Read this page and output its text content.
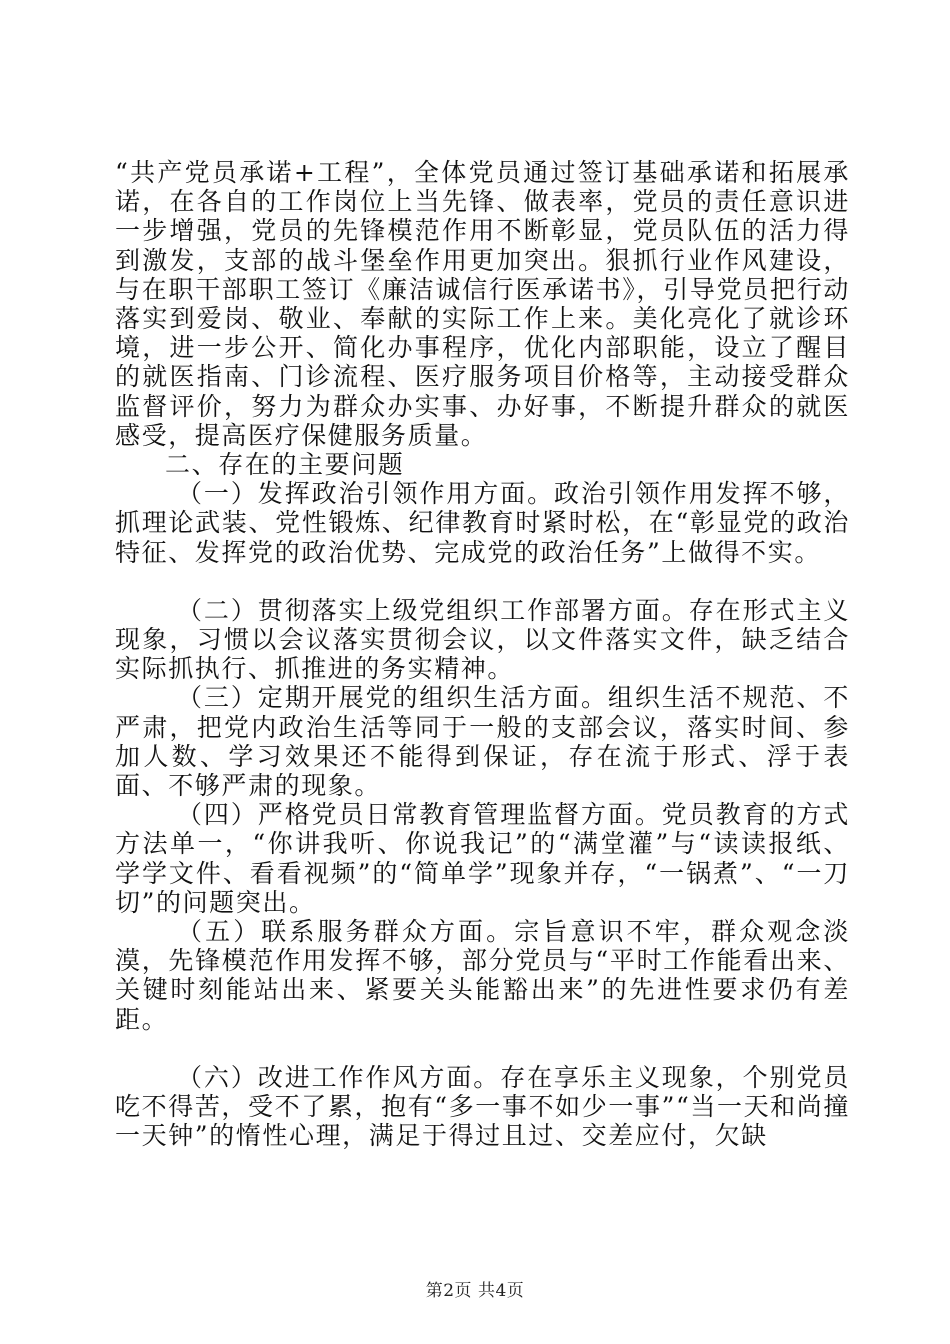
“共产党员承诺+工程”，全体党员通过签订基础承诺和拓展承诺，在各自的工作岗位上当先锋、做表率，党员的责任意识进一步增强，党员的先锋模范作用不断彰显，党员队伍的活力得到激发，支部的战斗堡垒作用更加突出。狠抓行业作风建设，与在职干部职工签订《廉洁诚信行医承诺书》，引导党员把行动落实到爱岗、敬业、奉献的实际工作上来。美化亮化了就诊环境，进一步公开、简化办事程序，优化内部职能，设立了醒目的就医指南、门诊流程、医疗服务项目价格等，主动接受群众监督评价，努力为群众办实事、办好事，不断提升群众的就医感受，提高医疗保健服务质量。

二、存在的主要问题

（一）发挥政治引领作用方面。政治引领作用发挥不够，抓理论武装、党性锻炼、纪律教育时紧时松，在“彰显党的政治特征、发挥党的政治优势、完成党的政治任务”上做得不实。

（二）贯彻落实上级党组织工作部署方面。存在形式主义现象，习惯以会议落实贯彻会议，以文件落实文件，缺乏结合实际抓执行、抓推进的务实精神。

（三）定期开展党的组织生活方面。组织生活不规范、不严肃，把党内政治生活等同于一般的支部会议，落实时间、参加人数、学习效果还不能得到保证，存在流于形式、浮于表面、不够严肃的现象。

（四）严格党员日常教育管理监督方面。党员教育的方式方法单一，“你讲我听、你说我记”的“满堂灌”与“读读报纸、学学文件、看看视频”的“简单学”现象并存，“一锅煮”、“一刀切”的问题突出。

（五）联系服务群众方面。宗旨意识不牢，群众观念淡漠，先锋模范作用发挥不够，部分党员与“平时工作能看出来、关键时刻能站出来、紧要关头能豁出来”的先进性要求仍有差距。

（六）改进工作作风方面。存在享乐主义现象，个别党员吃不得苦，受不了累，抱有“多一事不如少一事”“当一天和尚撞一天钟”的惰性心理，满足于得过且过、交差应付，欠缺

第2页 共4页
